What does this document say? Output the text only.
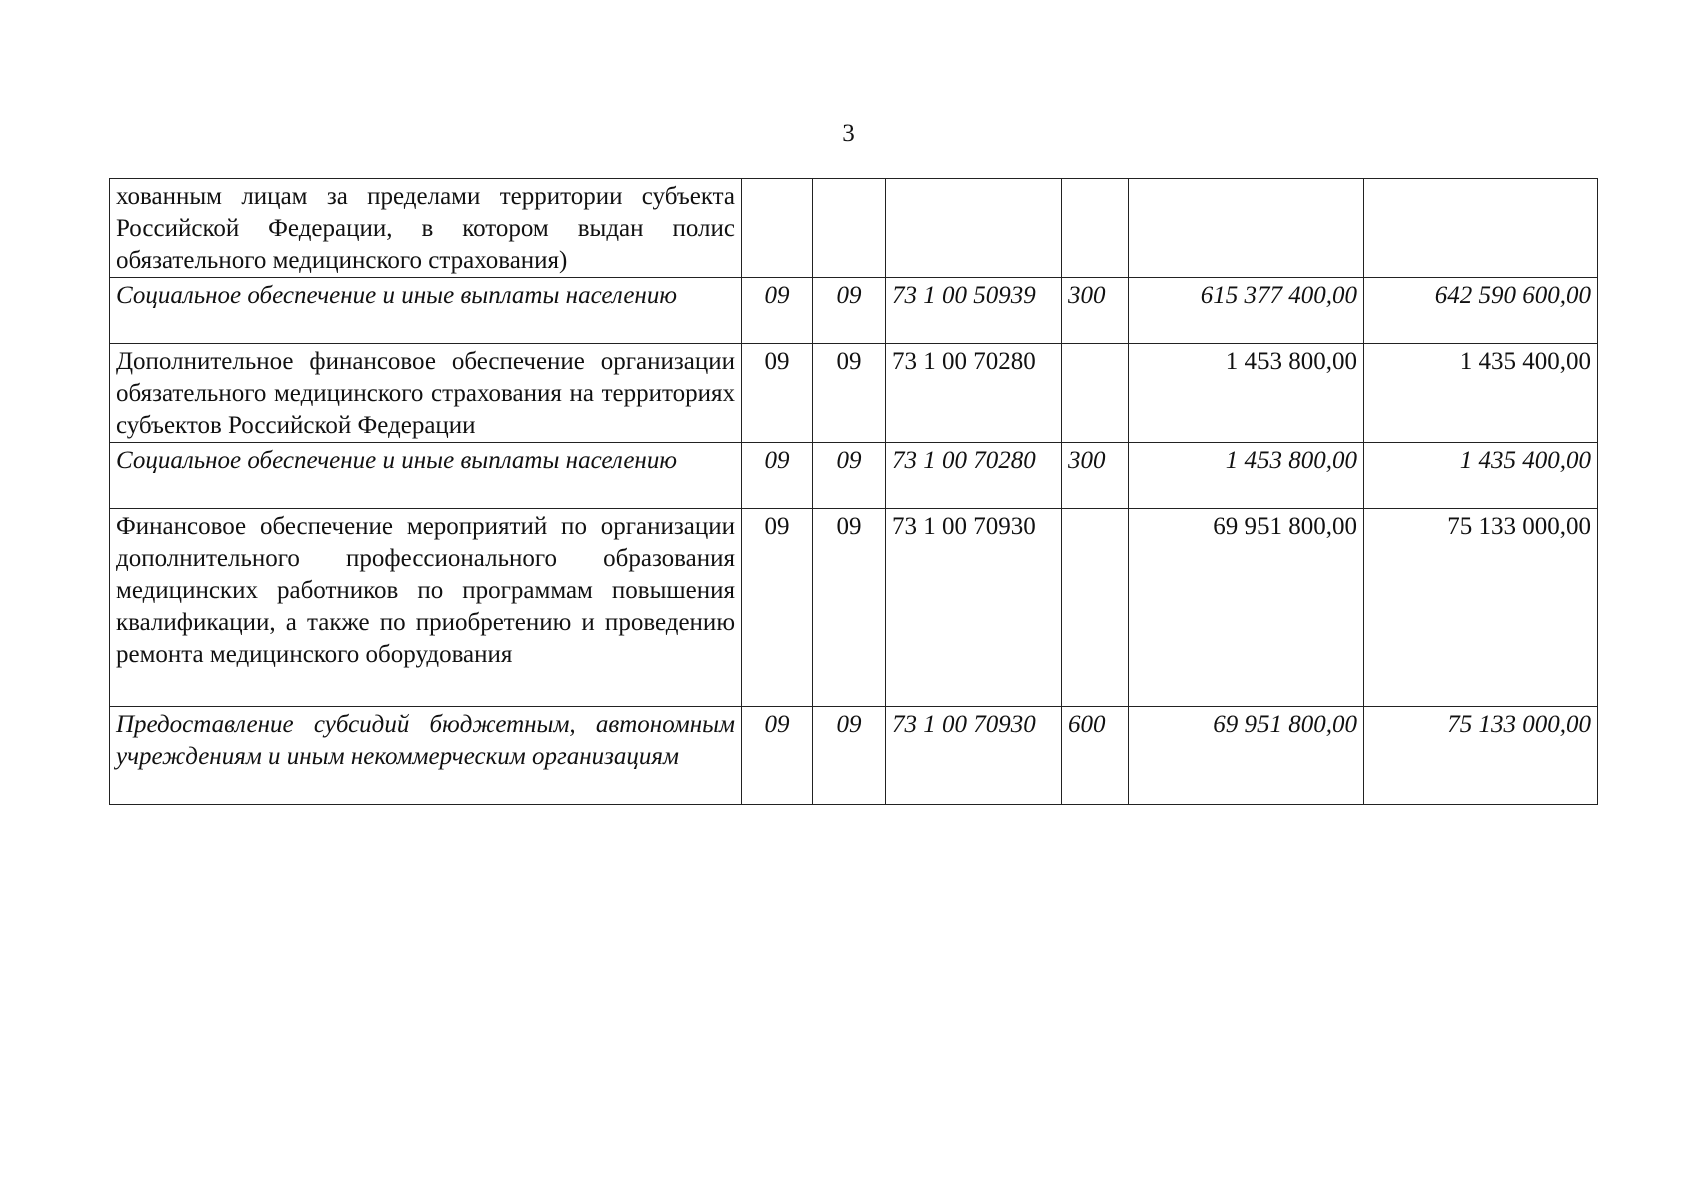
3
хованным лицам за пределами территории субъекта Российской Федерации, в котором выдан полис обязательного медицинского страхования)						
Социальное обеспечение и иные выплаты населению	09	09	73 1 00 50939	300	615 377 400,00	642 590 600,00
Дополнительное финансовое обеспечение организации обязательного медицинского страхования на территориях субъектов Российской Федерации	09	09	73 1 00 70280		1 453 800,00	1 435 400,00
Социальное обеспечение и иные выплаты населению	09	09	73 1 00 70280	300	1 453 800,00	1 435 400,00
Финансовое обеспечение мероприятий по организации дополнительного профессионального образования медицинских работников по программам повышения квалификации, а также по приобретению и проведению ремонта медицинского оборудования	09	09	73 1 00 70930		69 951 800,00	75 133 000,00
Предоставление субсидий бюджетным, автономным учреждениям и иным некоммерческим организациям	09	09	73 1 00 70930	600	69 951 800,00	75 133 000,00
